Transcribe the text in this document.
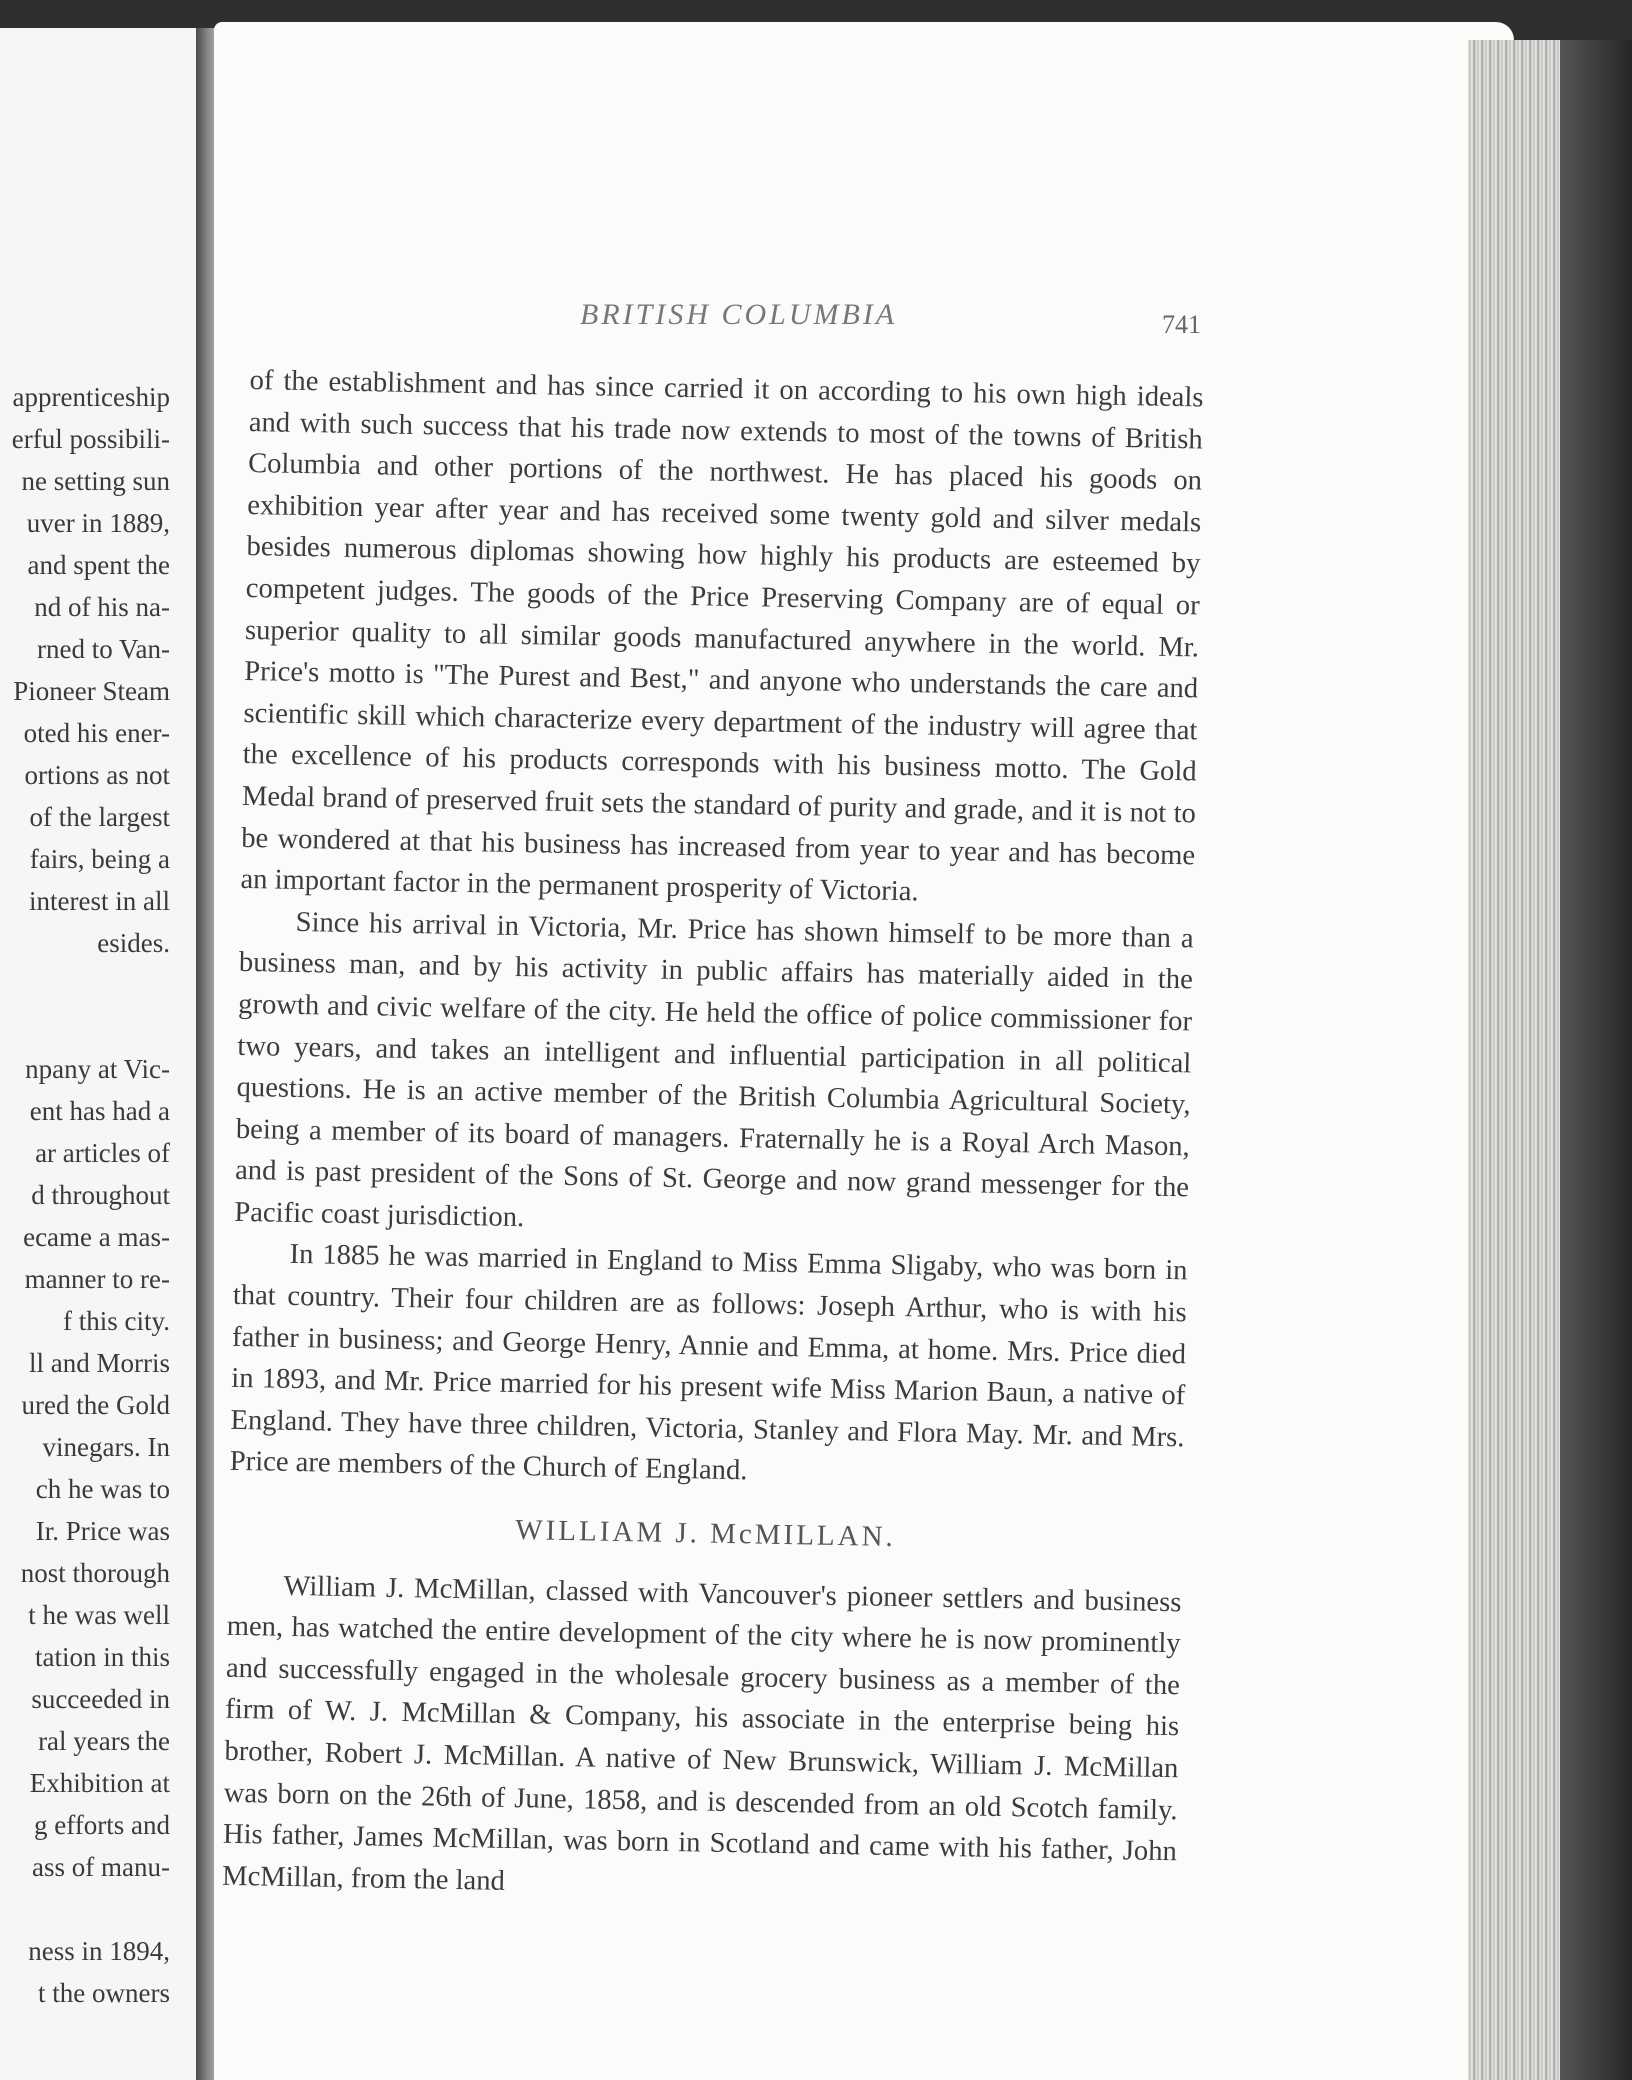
apprenticeship
erful possibili-
ne setting sun
uver in 1889,
and spent the
nd of his na-
rned to Van-
Pioneer Steam
oted his ener-
ortions as not
of the largest
fairs, being a
interest in all
esides.
npany at Vic-
ent has had a
ar articles of
d throughout
ecame a mas-
manner to re-
f this city.
ll and Morris
ured the Gold
vinegars. In
ch he was to
Ir. Price was
nost thorough
t he was well
tation in this
succeeded in
ral years the
Exhibition at
g efforts and
ass of manu-
ness in 1894,
t the owners
BRITISH COLUMBIA	741

of the establishment and has since carried it on according to his own high ideals and with such success that his trade now extends to most of the towns of British Columbia and other portions of the northwest. He has placed his goods on exhibition year after year and has received some twenty gold and silver medals besides numerous diplomas showing how highly his products are esteemed by competent judges. The goods of the Price Preserving Company are of equal or superior quality to all similar goods manufactured anywhere in the world. Mr. Price's motto is "The Purest and Best," and anyone who understands the care and scientific skill which characterize every department of the industry will agree that the excellence of his products corresponds with his business motto. The Gold Medal brand of preserved fruit sets the standard of purity and grade, and it is not to be wondered at that his business has increased from year to year and has become an important factor in the permanent prosperity of Victoria.

Since his arrival in Victoria, Mr. Price has shown himself to be more than a business man, and by his activity in public affairs has materially aided in the growth and civic welfare of the city. He held the office of police commissioner for two years, and takes an intelligent and influential participation in all political questions. He is an active member of the British Columbia Agricultural Society, being a member of its board of managers. Fraternally he is a Royal Arch Mason, and is past president of the Sons of St. George and now grand messenger for the Pacific coast jurisdiction.

In 1885 he was married in England to Miss Emma Sligaby, who was born in that country. Their four children are as follows: Joseph Arthur, who is with his father in business; and George Henry, Annie and Emma, at home. Mrs. Price died in 1893, and Mr. Price married for his present wife Miss Marion Baun, a native of England. They have three children, Victoria, Stanley and Flora May. Mr. and Mrs. Price are members of the Church of England.

WILLIAM J. McMILLAN.

William J. McMillan, classed with Vancouver's pioneer settlers and business men, has watched the entire development of the city where he is now prominently and successfully engaged in the wholesale grocery business as a member of the firm of W. J. McMillan & Company, his associate in the enterprise being his brother, Robert J. McMillan. A native of New Brunswick, William J. McMillan was born on the 26th of June, 1858, and is descended from an old Scotch family. His father, James McMillan, was born in Scotland and came with his father, John McMillan, from the land
